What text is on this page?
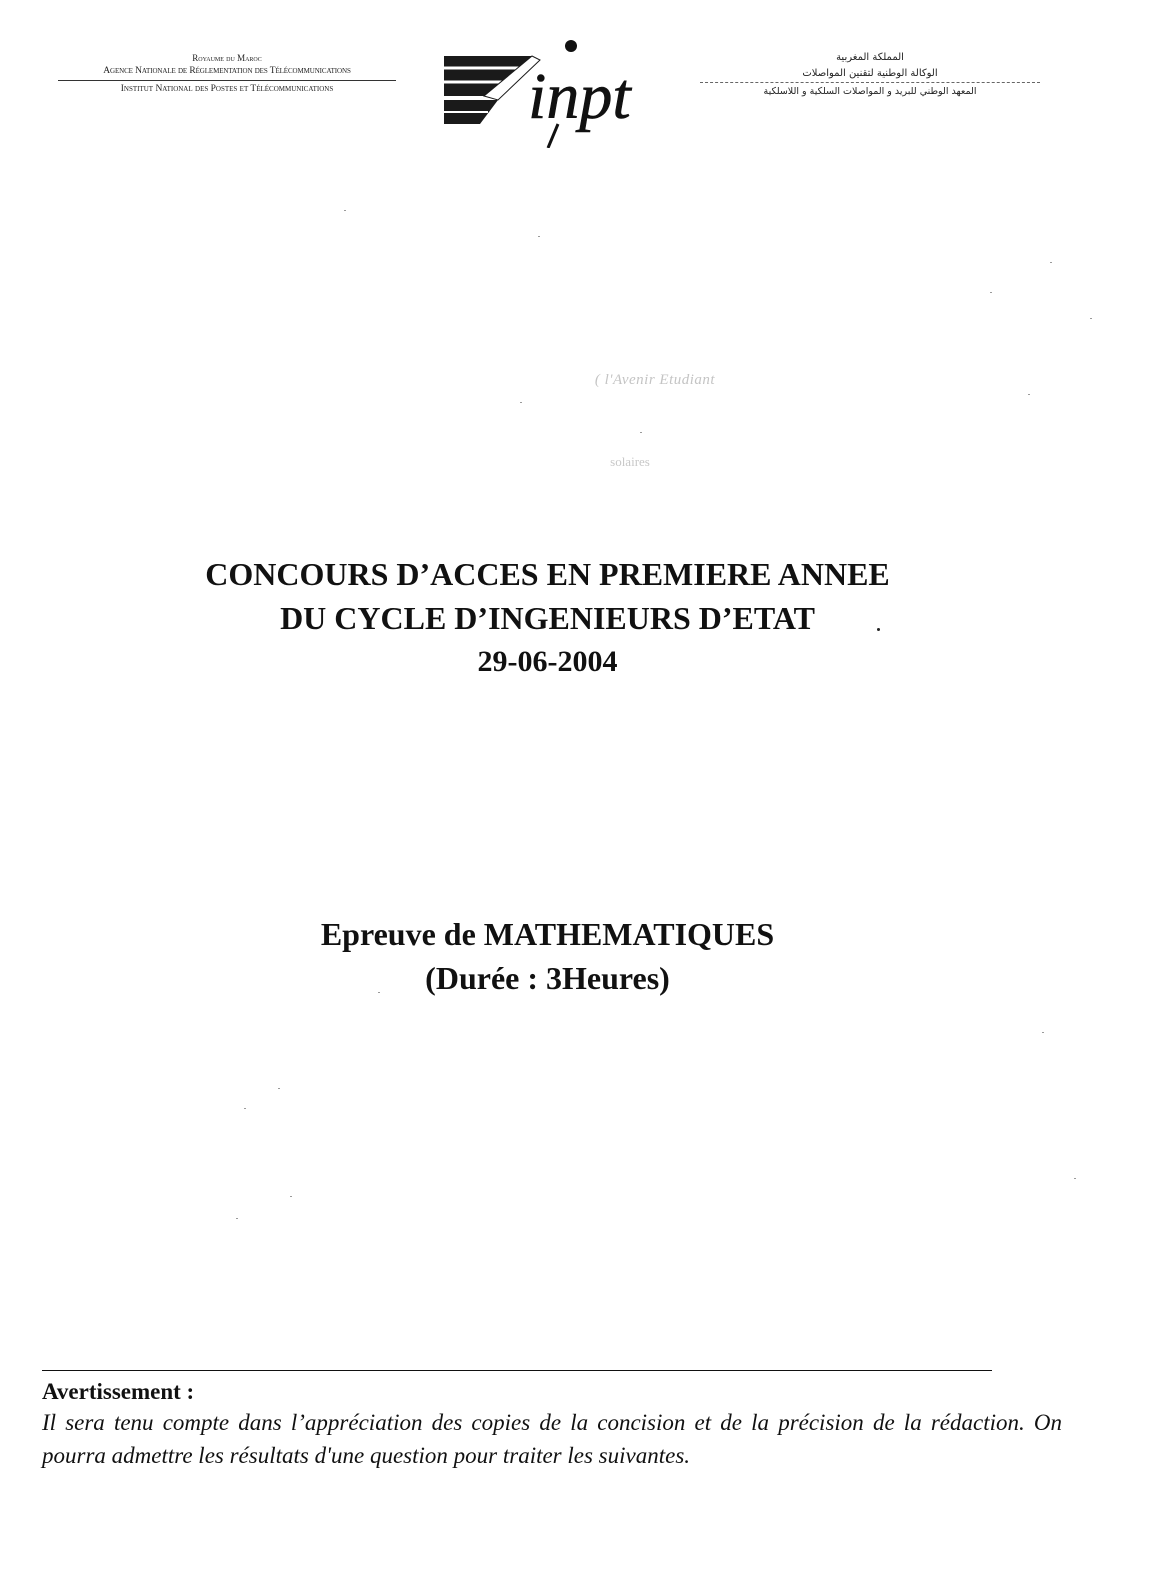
Royaume du Maroc
Agence Nationale de Réglementation des Télécommunications
Institut National des Postes et Télécommunications	inpt
المملكة المغربية
الوكالة الوطنية لتقنين المواصلات
المعهد الوطني للبريد و المواصلات السلكية و اللاسلكية
( l'Avenir Etudiant
solaires
CONCOURS D’ACCES EN PREMIERE ANNEE
DU CYCLE D’INGENIEURS D’ETAT
29-06-2004
Epreuve de MATHEMATIQUES
(Durée : 3Heures)
Avertissement :
Il sera tenu compte dans l’appréciation des copies de la concision et de la précision de la rédaction. On pourra admettre les résultats d'une question pour traiter les suivantes.
